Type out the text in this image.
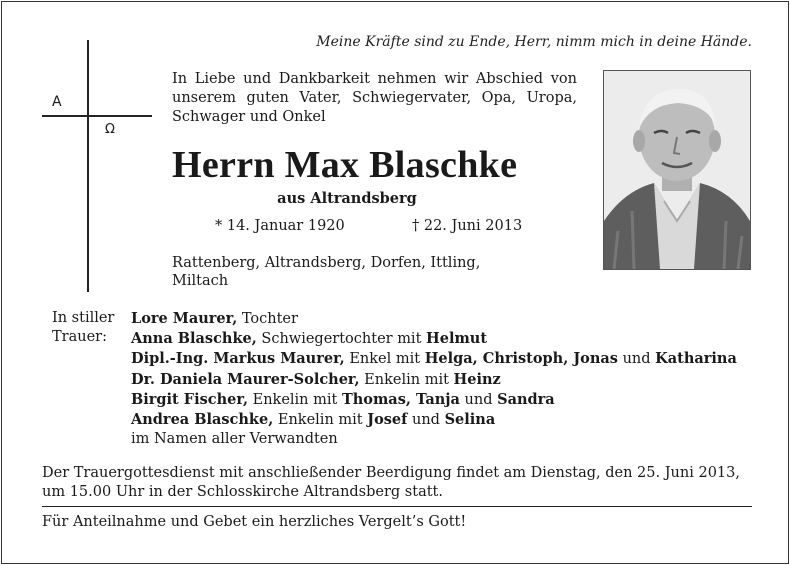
Meine Kräfte sind zu Ende, Herr, nimm mich in deine Hände.
A
Ω
In Liebe und Dankbarkeit nehmen wir Abschied von unserem guten Vater, Schwiegervater, Opa, Uropa, Schwager und Onkel
Herrn Max Blaschke
aus Altrandsberg
* 14. Januar 1920	† 22. Juni 2013
Rattenberg, Altrandsberg, Dorfen, Ittling, Miltach
In stiller
Trauer:
Lore Maurer, Tochter
Anna Blaschke, Schwiegertochter mit Helmut
Dipl.-Ing. Markus Maurer, Enkel mit Helga, Christoph, Jonas und Katharina
Dr. Daniela Maurer-Solcher, Enkelin mit Heinz
Birgit Fischer, Enkelin mit Thomas, Tanja und Sandra
Andrea Blaschke, Enkelin mit Josef und Selina
im Namen aller Verwandten
Der Trauergottesdienst mit anschließender Beerdigung findet am Dienstag, den 25. Juni 2013, um 15.00 Uhr in der Schlosskirche Altrandsberg statt.
Für Anteilnahme und Gebet ein herzliches Vergelt’s Gott!
